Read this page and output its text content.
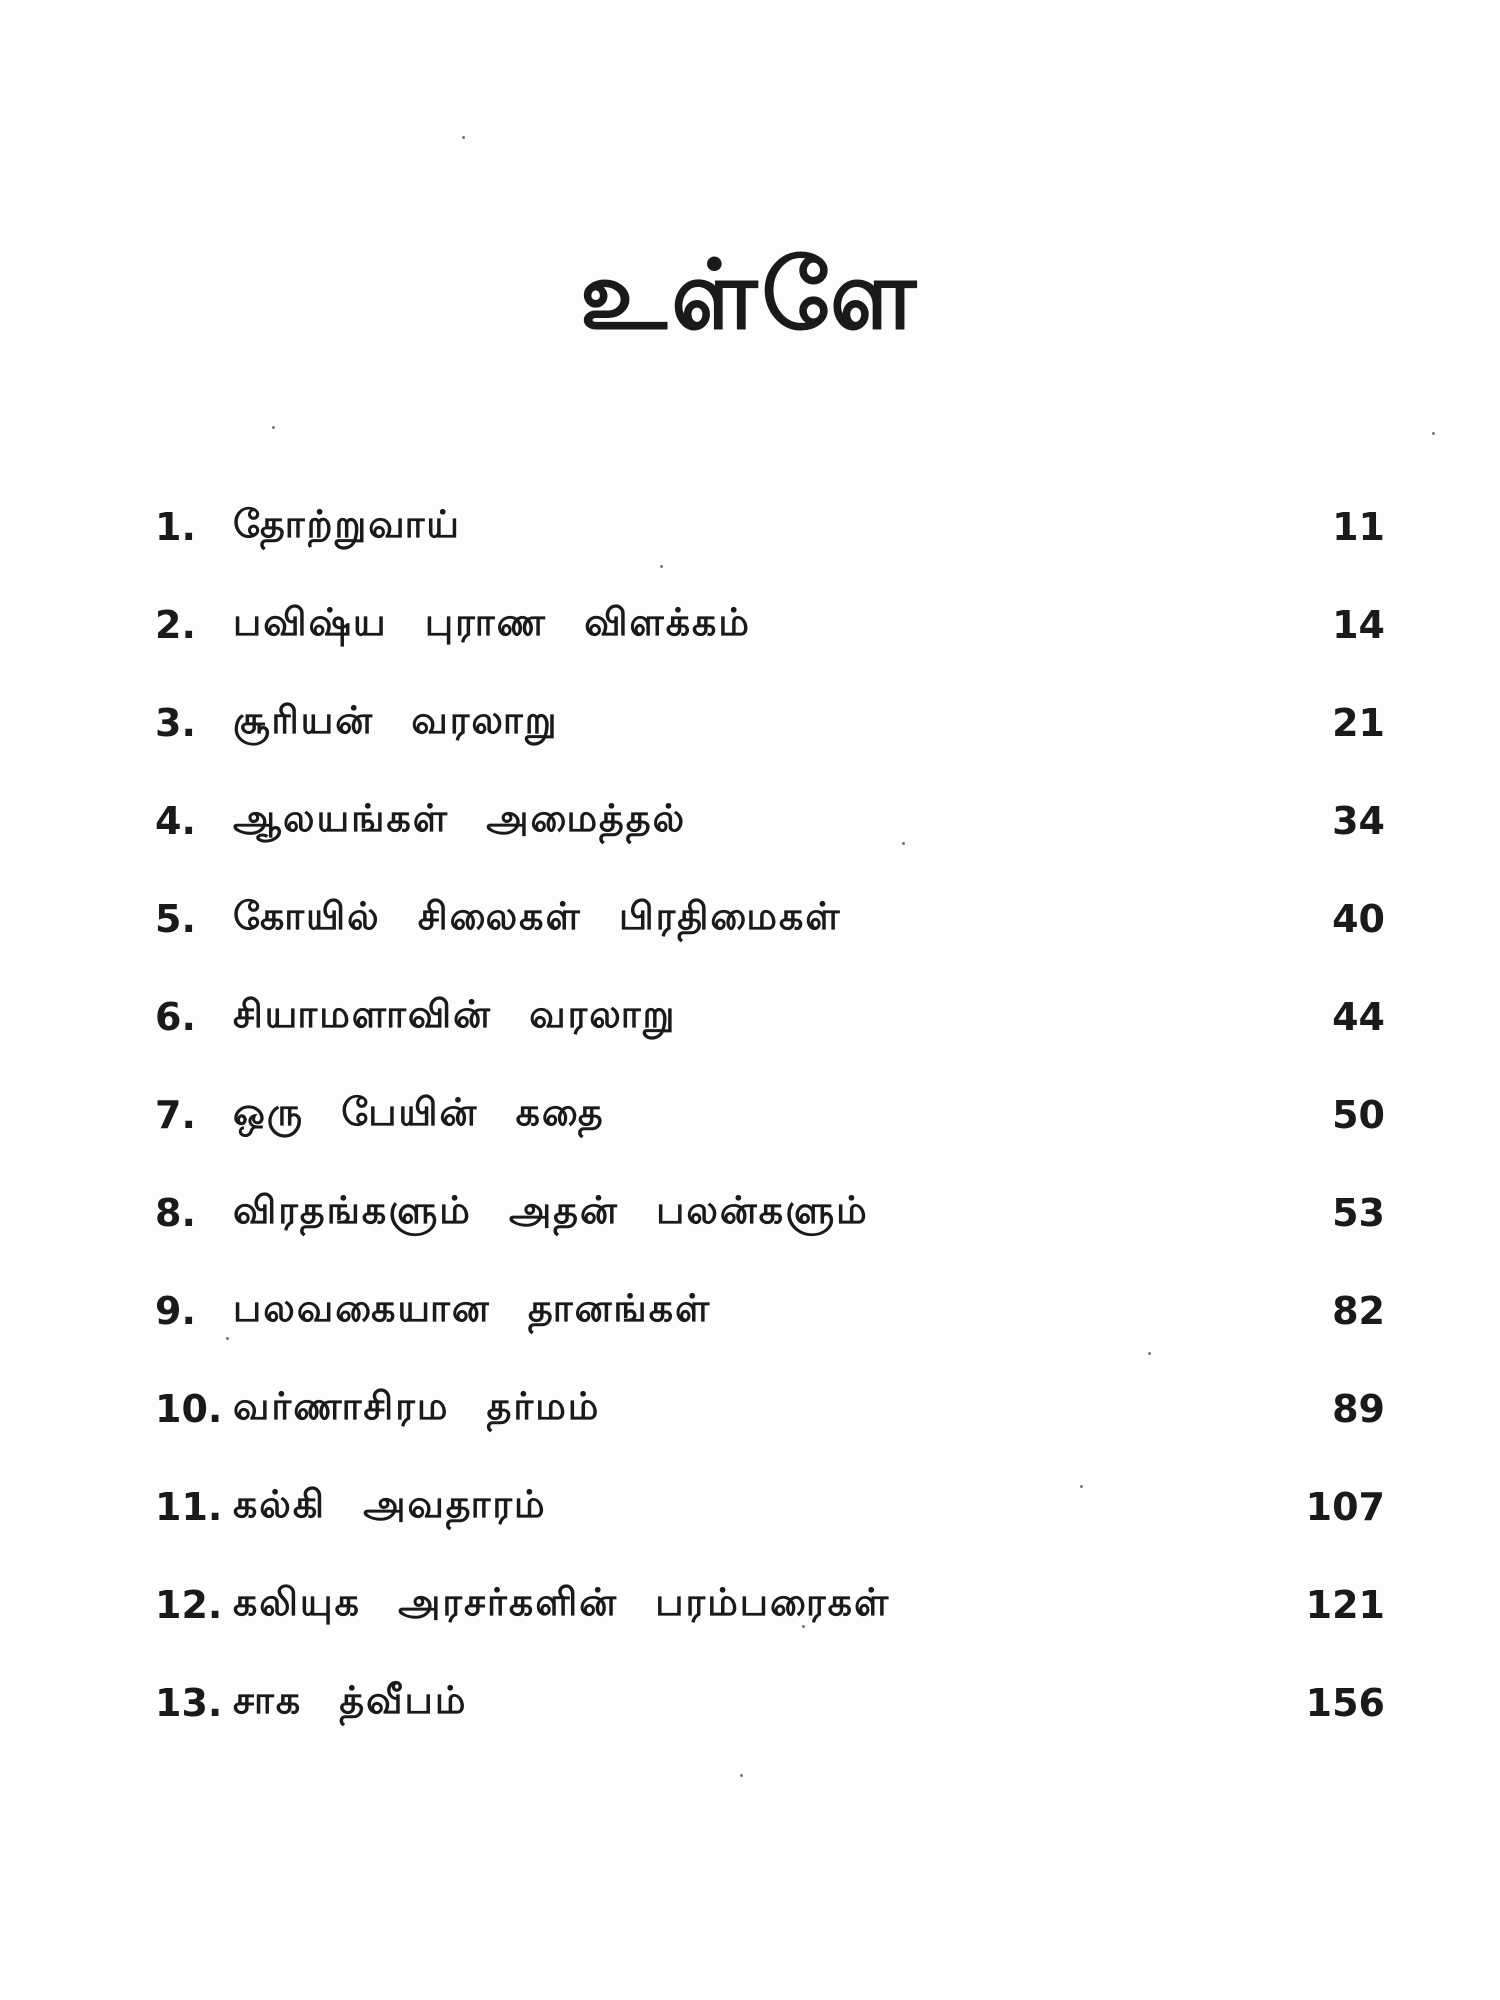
உள்ளே
1. தோற்றுவாய்	11
2. பவிஷ்ய புராண விளக்கம்	14
3. சூரியன் வரலாறு	21
4. ஆலயங்கள் அமைத்தல்	34
5. கோயில் சிலைகள் பிரதிமைகள்	40
6. சியாமளாவின் வரலாறு	44
7. ஒரு பேயின் கதை	50
8. விரதங்களும் அதன் பலன்களும்	53
9. பலவகையான தானங்கள்	82
10. வர்ணாசிரம தர்மம்	89
11. கல்கி அவதாரம்	107
12. கலியுக அரசர்களின் பரம்பரைகள்	121
13. சாக த்வீபம்	156
